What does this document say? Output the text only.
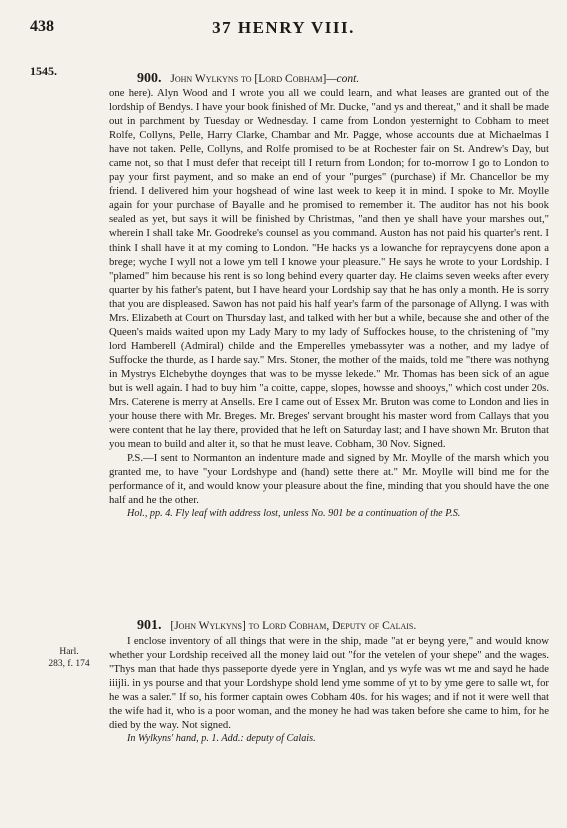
438	37 HENRY VIII.
1545.	900. John Wylkyns to [Lord Cobham]—cont.

one here). Alyn Wood and I wrote you all we could learn, and what leases are granted out of the lordship of Bendys. I have your book finished of Mr. Ducke, "and ys and thereat," and it shall be made out in parchment by Tuesday or Wednesday. I came from London yesternight to Cobham to meet Rolfe, Collyns, Pelle, Harry Clarke, Chambar and Mr. Pagge, whose accounts due at Michaelmas I have not taken. Pelle, Collyns, and Rolfe promised to be at Rochester fair on St. Andrew's Day, but came not, so that I must defer that receipt till I return from London; for to-morrow I go to London to pay your first payment, and so make an end of your "purges" (purchase) if Mr. Chancellor be my friend. I delivered him your hogshead of wine last week to keep it in mind. I spoke to Mr. Moylle again for your purchase of Bayalle and he promised to remember it. The auditor has not his book sealed as yet, but says it will be finished by Christmas, "and then ye shall have your marshes out," wherein I shall take Mr. Goodreke's counsel as you command. Auston has not paid his quarter's rent. I think I shall have it at my coming to London. "He hacks ys a lowanche for repraycyens done apon a brege; wyche I wyll not a lowe ym tell I knowe your pleasure." He says he wrote to your Lordship. I "plamed" him because his rent is so long behind every quarter day. He claims seven weeks after every quarter by his father's patent, but I have heard your Lordship say that he has only a month. He is sorry that you are displeased. Sawon has not paid his half year's farm of the parsonage of Allyng. I was with Mrs. Elizabeth at Court on Thursday last, and talked with her but a while, because she and other of the Queen's maids waited upon my Lady Mary to my lady of Suffockes house, to the christening of "my lord Hamberell (Admiral) childe and the Emperelles ymebassyter was a nother, and my ladye of Suffocke the thurde, as I harde say." Mrs. Stoner, the mother of the maids, told me "there was nothyng in Mystrys Elchebythe doynges that was to be mysse lekede." Mr. Thomas has been sick of an ague but is well again. I had to buy him "a coitte, cappe, slopes, howsse and shooys," which cost under 20s. Mrs. Caterene is merry at Ansells. Ere I came out of Essex Mr. Bruton was come to London and lies in your house there with Mr. Breges. Mr. Breges' servant brought his master word from Callays that you were content that he lay there, provided that he left on Saturday last; and I have shown Mr. Bruton that you mean to build and alter it, so that he must leave. Cobham, 30 Nov. Signed.

P.S.—I sent to Normanton an indenture made and signed by Mr. Moylle of the marsh which you granted me, to have "your Lordshype and (hand) sette there at." Mr. Moylle will bind me for the performance of it, and would know your pleasure about the fine, minding that you should have the one half and he the other.

Hol., pp. 4. Fly leaf with address lost, unless No. 901 be a continuation of the P.S.

901. [John Wylkyns] to Lord Cobham, Deputy of Calais.
Harl.
283, f. 174

I enclose inventory of all things that were in the ship, made "at er beyng yere," and would know whether your Lordship received all the money laid out "for the vetelen of your shepe" and the wages. "Thys man that hade thys passeporte dyede yere in Ynglan, and ys wyfe was wt me and sayd he hade iiijli. in ys pourse and that your Lordshype shold lend yme somme of yt to by yme gere to salle wt, for he was a saler." If so, his former captain owes Cobham 40s. for his wages; and if not it were well that the wife had it, who is a poor woman, and the money he had was taken before she came to him, for he died by the way. Not signed.

In Wylkyns' hand, p. 1. Add.: deputy of Calais.
